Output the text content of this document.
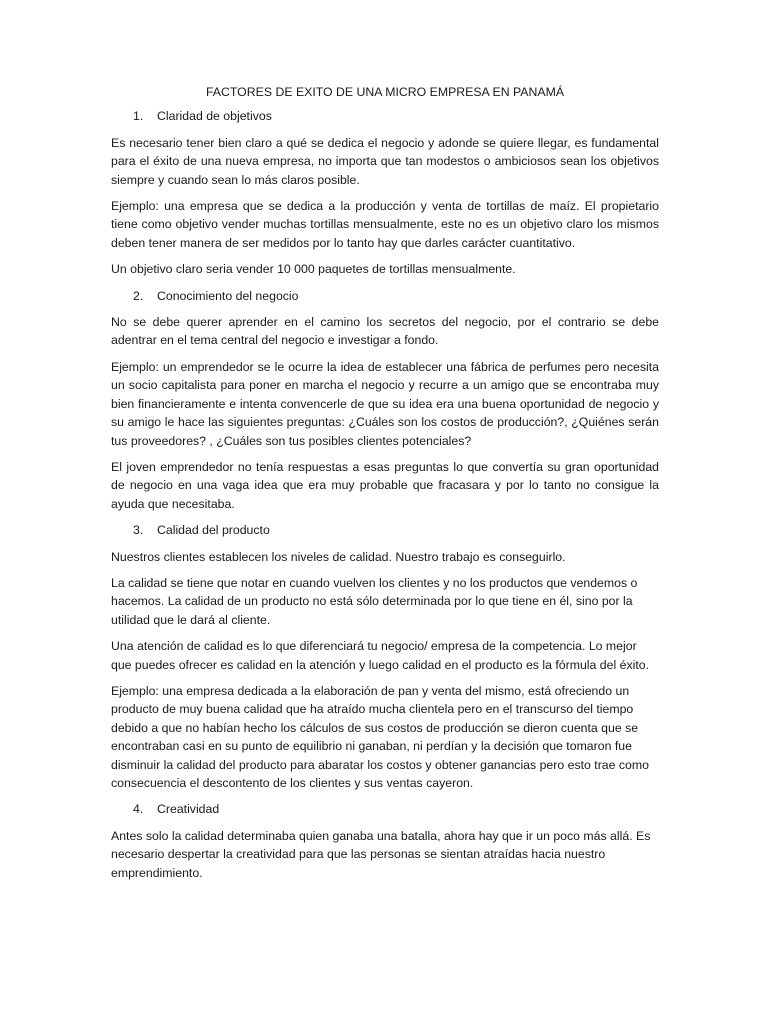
FACTORES DE EXITO DE UNA MICRO EMPRESA EN PANAMÁ
1.	Claridad de objetivos

Es necesario tener bien claro a qué se dedica el negocio y adonde se quiere llegar, es fundamental para el éxito de una nueva empresa, no importa que tan modestos o ambiciosos sean los objetivos siempre y cuando sean lo más claros posible.

Ejemplo: una empresa que se dedica a la producción y venta de tortillas de maíz. El propietario tiene como objetivo vender muchas tortillas mensualmente, este no es un objetivo claro los mismos deben tener manera de ser medidos por lo tanto hay que darles carácter cuantitativo.

Un objetivo claro seria vender 10 000 paquetes de tortillas mensualmente.

2.	Conocimiento del negocio

No se debe querer aprender en el camino los secretos del negocio, por el contrario se debe adentrar en el tema central del negocio e investigar a fondo.

Ejemplo: un emprendedor se le ocurre la idea de establecer una fábrica de perfumes pero necesita un socio capitalista para poner en marcha el negocio y recurre a un amigo que se encontraba muy bien financieramente e intenta convencerle de que su idea era una buena oportunidad de negocio y su amigo le hace las siguientes preguntas: ¿Cuáles son los costos de producción?, ¿Quiénes serán tus proveedores? , ¿Cuáles son tus posibles clientes potenciales?

El joven emprendedor no tenía respuestas a esas preguntas lo que convertía su gran oportunidad de negocio en una vaga idea que era muy probable que fracasara y por lo tanto no consigue la ayuda que necesitaba.

3.	Calidad del producto

Nuestros clientes establecen los niveles de calidad. Nuestro trabajo es conseguirlo.

La calidad se tiene que notar en cuando vuelven los clientes y no los productos que vendemos o hacemos. La calidad de un producto no está sólo determinada por lo que tiene en él, sino por la utilidad que le dará al cliente.

Una atención de calidad es lo que diferenciará tu negocio/ empresa de la competencia. Lo mejor que puedes ofrecer es calidad en la atención y luego calidad en el producto es la fórmula del éxito.

Ejemplo: una empresa dedicada a la elaboración de pan y venta del mismo, está ofreciendo un producto de muy buena calidad que ha atraído mucha clientela pero en el transcurso del tiempo debido a que no habían hecho los cálculos de sus costos de producción se dieron cuenta que se encontraban casi en su punto de equilibrio ni ganaban, ni perdían y la decisión que tomaron fue disminuir la calidad del producto para abaratar los costos y obtener ganancias pero esto trae como consecuencia el descontento de los clientes y sus ventas cayeron.

4.	Creatividad

Antes solo la calidad determinaba quien ganaba una batalla, ahora hay que ir un poco más allá. Es necesario despertar la creatividad para que las personas se sientan atraídas hacia nuestro emprendimiento.
